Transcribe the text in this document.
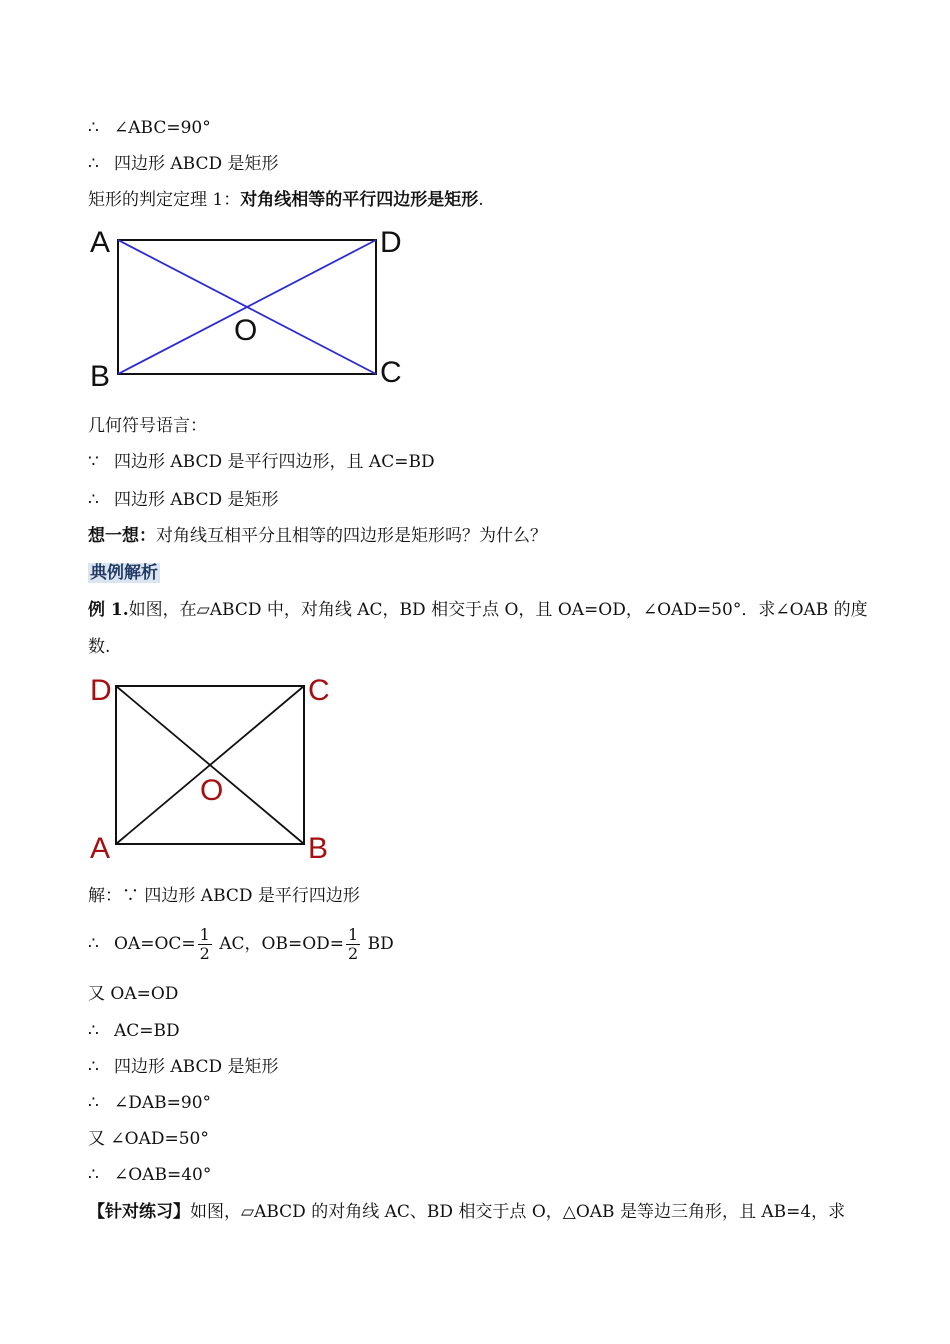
∴ ∠ABC=90°
∴ 四边形 ABCD 是矩形
矩形的判定定理 1：对角线相等的平行四边形是矩形.
A	D
B	C
O
几何符号语言：
∵ 四边形 ABCD 是平行四边形，且 AC=BD
∴ 四边形 ABCD 是矩形
想一想：对角线互相平分且相等的四边形是矩形吗？为什么？
典例解析
例 1.如图，在▱ABCD 中，对角线 AC，BD 相交于点 O，且 OA=OD，∠OAD=50°．求∠OAB 的度
数.
D	C
A	B
O
解：∵ 四边形 ABCD 是平行四边形
∴ $OA=OC= \frac{1}{2}$ AC，$OB=OD= \frac{1}{2}$ BD
又 OA=OD
∴ AC=BD
∴ 四边形 ABCD 是矩形
∴ ∠DAB=90°
又 ∠OAD=50°
∴ ∠OAB=40°
【针对练习】如图，▱ABCD 的对角线 AC、BD 相交于点 O，△OAB 是等边三角形，且 AB=4，求
